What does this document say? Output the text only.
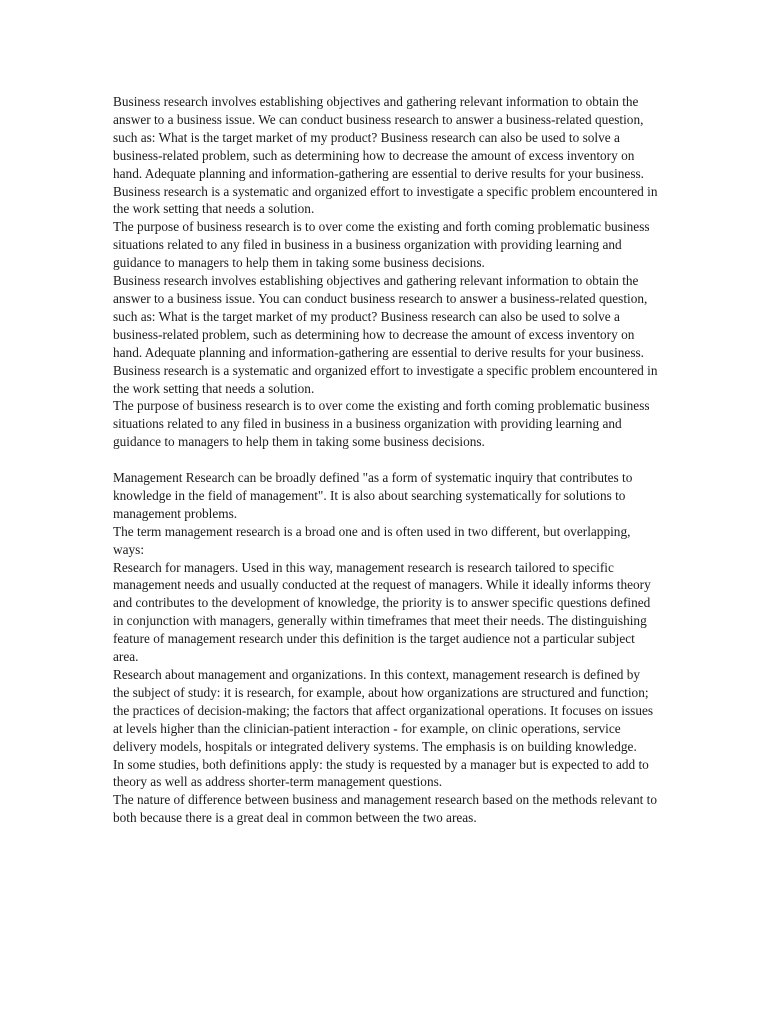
Business research involves establishing objectives and gathering relevant information to obtain the answer to a business issue. We can conduct business research to answer a business-related question, such as: What is the target market of my product? Business research can also be used to solve a business-related problem, such as determining how to decrease the amount of excess inventory on hand. Adequate planning and information-gathering are essential to derive results for your business.

Business research is a systematic and organized effort to investigate a specific problem encountered in the work setting that needs a solution.

The purpose of business research is to over come the existing and forth coming problematic business situations related to any filed in business in a business organization with providing learning and guidance to managers to help them in taking some business decisions.

Business research involves establishing objectives and gathering relevant information to obtain the answer to a business issue. You can conduct business research to answer a business-related question, such as: What is the target market of my product? Business research can also be used to solve a business-related problem, such as determining how to decrease the amount of excess inventory on hand. Adequate planning and information-gathering are essential to derive results for your business.

Business research is a systematic and organized effort to investigate a specific problem encountered in the work setting that needs a solution.

The purpose of business research is to over come the existing and forth coming problematic business situations related to any filed in business in a business organization with providing learning and guidance to managers to help them in taking some business decisions.

Management Research can be broadly defined "as a form of systematic inquiry that contributes to knowledge in the field of management". It is also about searching systematically for solutions to management problems.

The term management research is a broad one and is often used in two different, but overlapping, ways:

Research for managers. Used in this way, management research is research tailored to specific management needs and usually conducted at the request of managers. While it ideally informs theory and contributes to the development of knowledge, the priority is to answer specific questions defined in conjunction with managers, generally within timeframes that meet their needs. The distinguishing feature of management research under this definition is the target audience not a particular subject area.

Research about management and organizations. In this context, management research is defined by the subject of study: it is research, for example, about how organizations are structured and function; the practices of decision-making; the factors that affect organizational operations. It focuses on issues at levels higher than the clinician-patient interaction - for example, on clinic operations, service delivery models, hospitals or integrated delivery systems. The emphasis is on building knowledge.

In some studies, both definitions apply: the study is requested by a manager but is expected to add to theory as well as address shorter-term management questions.

The nature of difference between business and management research based on the methods relevant to both because there is a great deal in common between the two areas.
